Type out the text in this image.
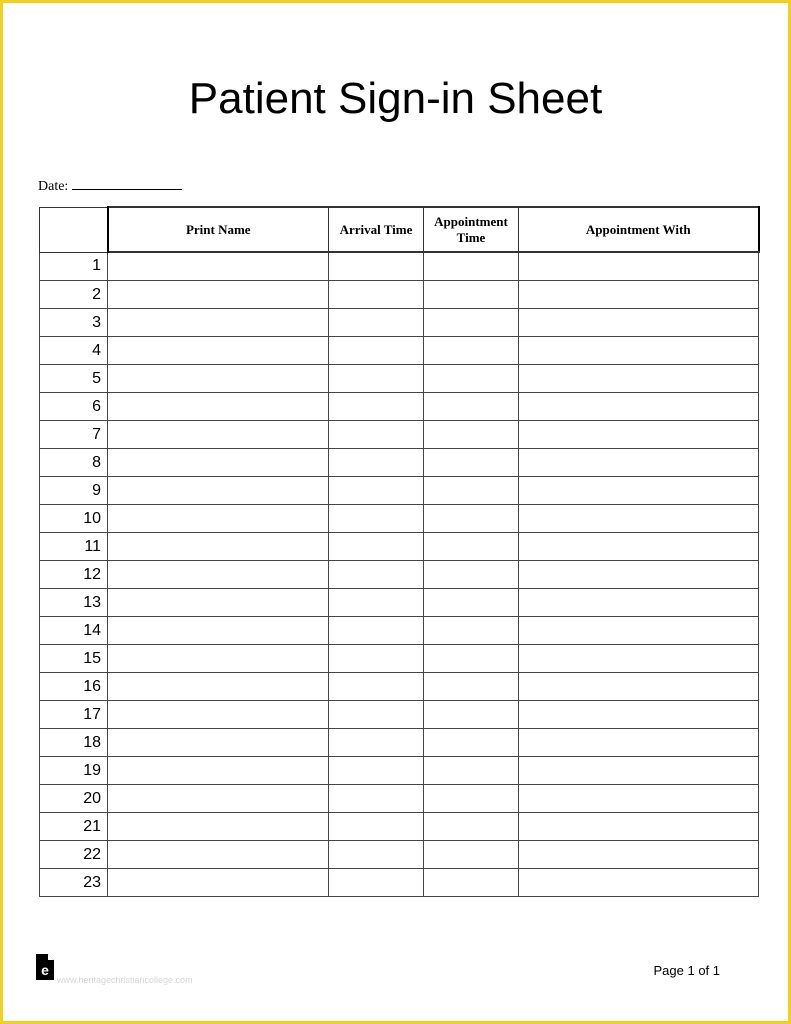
Patient Sign-in Sheet
Date:
	Print Name	Arrival Time	Appointment Time	Appointment With
1				
2				
3				
4				
5				
6				
7				
8				
9				
10				
11				
12				
13				
14				
15				
16				
17				
18				
19				
20				
21				
22				
23				
e
www.heritagechristiancollege.com
Page 1 of 1
